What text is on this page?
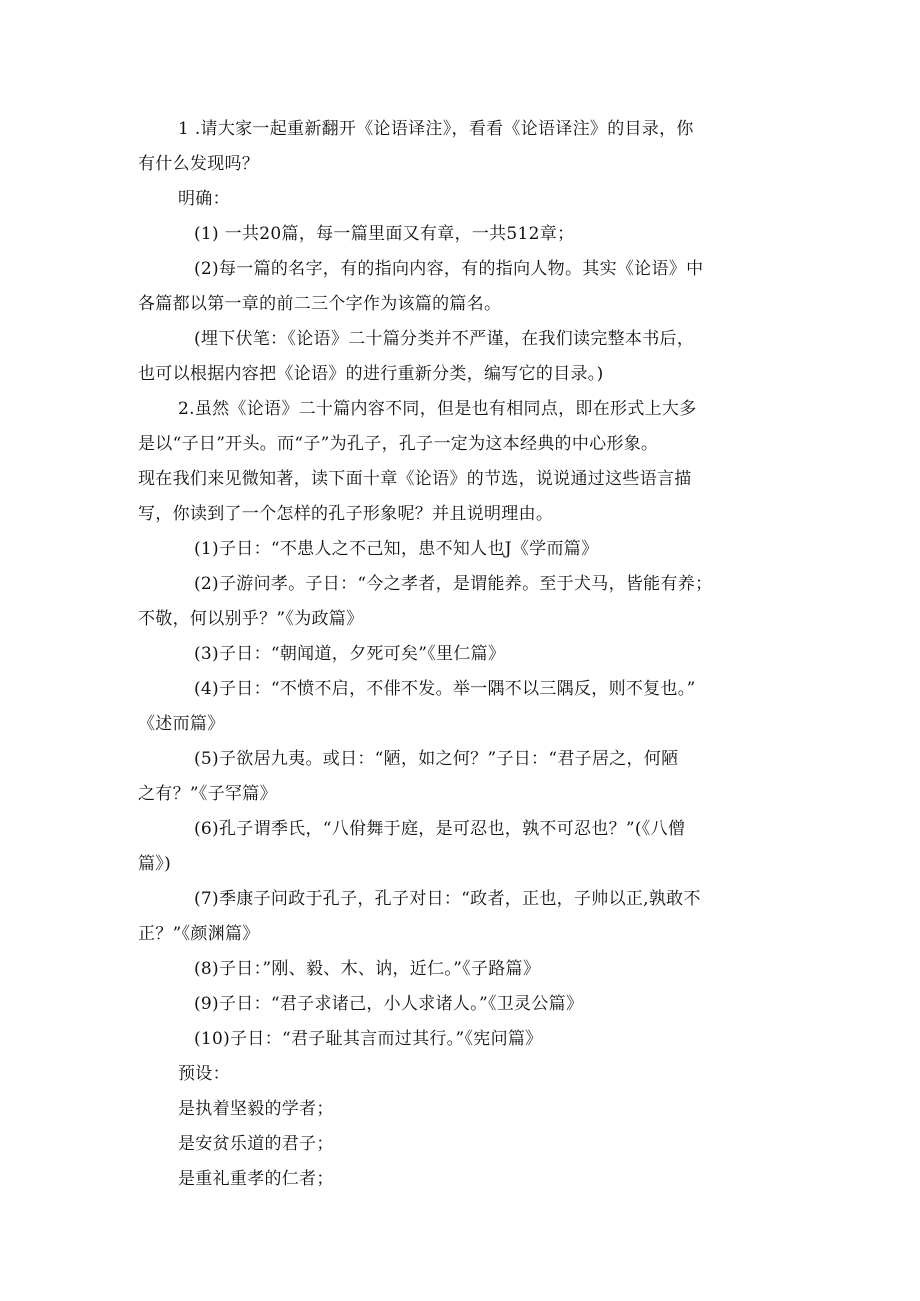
1 .请大家一起重新翻开《论语译注》，看看《论语译注》的目录，你
有什么发现吗？
明确：
(1) 一共20篇，每一篇里面又有章，一共512章；
(2)每一篇的名字，有的指向内容，有的指向人物。其实《论语》中
各篇都以第一章的前二三个字作为该篇的篇名。
(埋下伏笔：《论语》二十篇分类并不严谨，在我们读完整本书后，
也可以根据内容把《论语》的进行重新分类，编写它的目录。)
2.虽然《论语》二十篇内容不同，但是也有相同点，即在形式上大多
是以“子日”开头。而“子”为孔子，孔子一定为这本经典的中心形象。
现在我们来见微知著，读下面十章《论语》的节选，说说通过这些语言描
写，你读到了一个怎样的孔子形象呢？并且说明理由。
(1)子日：“不患人之不己知，患不知人也J《学而篇》
(2)子游问孝。子日：“今之孝者，是谓能养。至于犬马，皆能有养；
不敬，何以别乎？”《为政篇》
(3)子日：“朝闻道，夕死可矣”《里仁篇》
(4)子日：“不愤不启，不俳不发。举一隅不以三隅反，则不复也。”
《述而篇》
(5)子欲居九夷。或日：“陋，如之何？”子日：“君子居之，何陋
之有？”《子罕篇》
(6)孔子谓季氏，“八佾舞于庭，是可忍也，孰不可忍也？”(《八僧
篇》)
(7)季康子问政于孔子，孔子对日：“政者，正也，子帅以正,孰敢不
正？”《颜渊篇》
(8)子日：”刚、毅、木、讷，近仁。”《子路篇》
(9)子日：“君子求诸己，小人求诸人。”《卫灵公篇》
(10)子日：“君子耻其言而过其行。”《宪问篇》
预设：
是执着坚毅的学者；
是安贫乐道的君子；
是重礼重孝的仁者；
